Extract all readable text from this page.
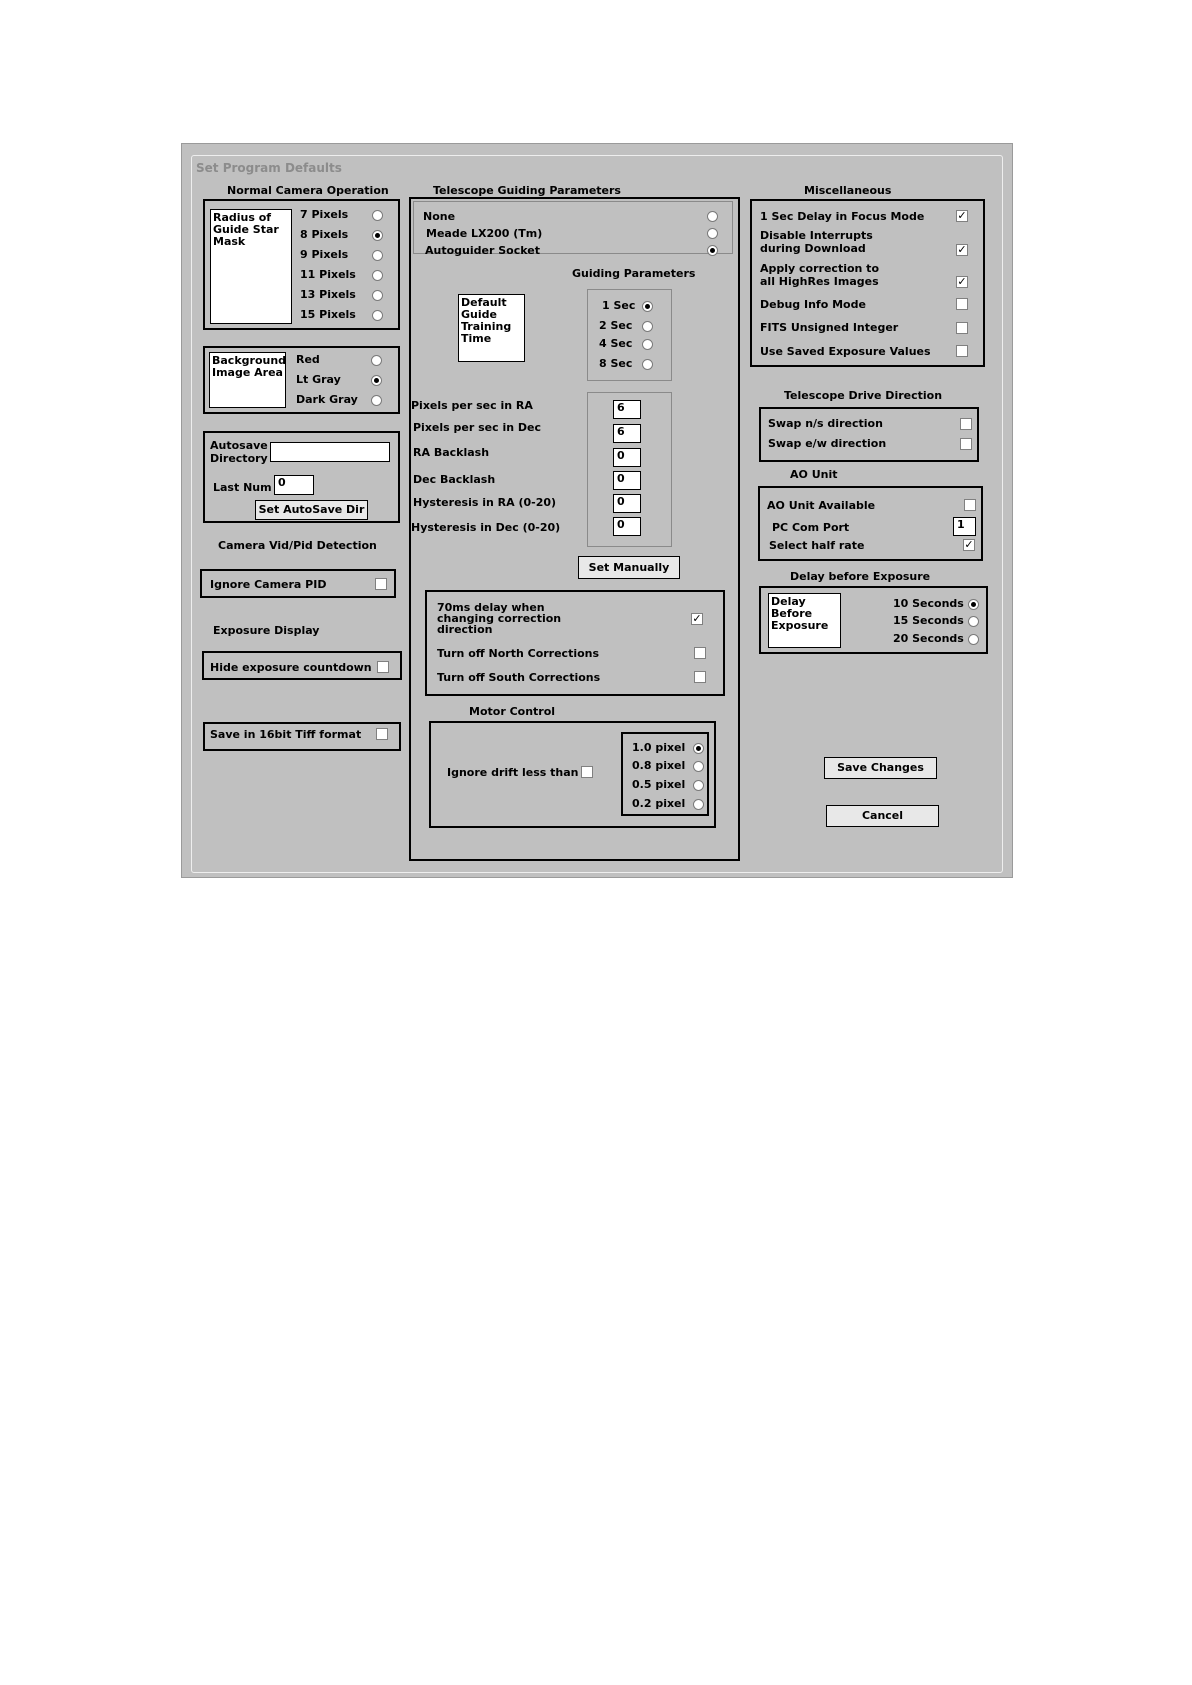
Set Program Defaults
Normal Camera Operation
Radius of Guide Star Mask
7 Pixels
8 Pixels
9 Pixels
11 Pixels
13 Pixels
15 Pixels
Background Image Area
Red
Lt Gray
Dark Gray
Autosave Directory
Last Num 0
Set AutoSave Dir
Camera Vid/Pid Detection
Ignore Camera PID
Exposure Display
Hide exposure countdown
Save in 16bit Tiff format
Telescope Guiding Parameters
None
Meade LX200 (Tm)
Autoguider Socket
Guiding Parameters
Default Guide Training Time
1 Sec
2 Sec
4 Sec
8 Sec
Pixels per sec in RA
Pixels per sec in Dec
RA Backlash
Dec Backlash
Hysteresis in RA (0-20)
Hysteresis in Dec (0-20)
6
6
0
0
0
0
Set Manually
70ms delay when changing correction direction
✓
Turn off North Corrections
Turn off South Corrections
Motor Control
Ignore drift less than
1.0 pixel
0.8 pixel
0.5 pixel
0.2 pixel
Miscellaneous
1 Sec Delay in Focus Mode
Disable Interrupts during Download
Apply correction to all HighRes Images
Debug Info Mode
FITS Unsigned Integer
Use Saved Exposure Values
✓
✓
✓
Telescope Drive Direction
Swap n/s direction
Swap e/w direction
AO Unit
AO Unit Available
PC Com Port	1
Select half rate	✓
Delay before Exposure
Delay Before Exposure
10 Seconds
15 Seconds
20 Seconds
Save Changes
Cancel
